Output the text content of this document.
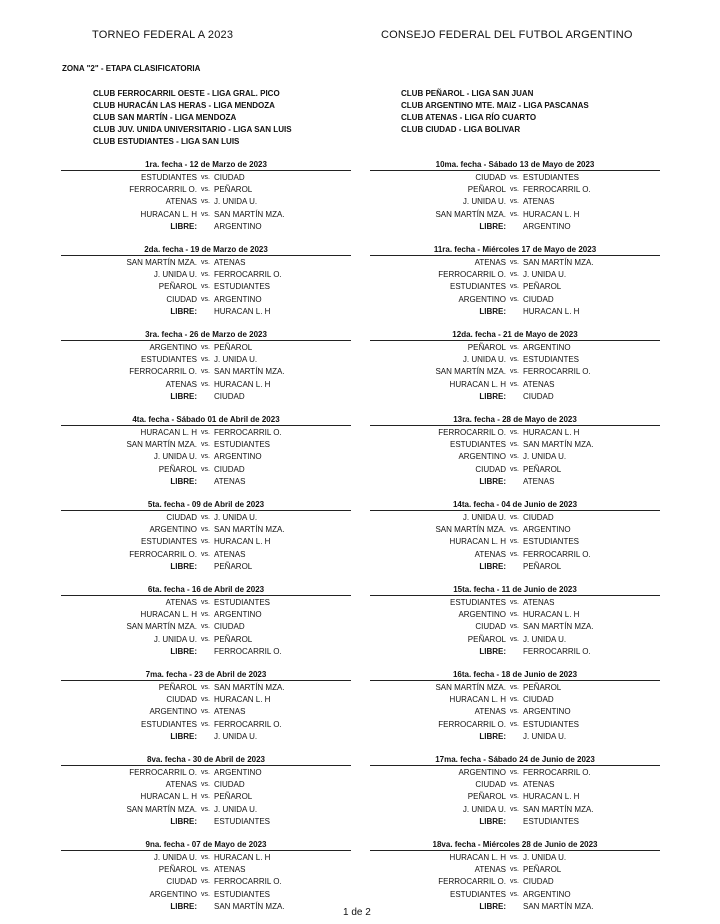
TORNEO FEDERAL A 2023	CONSEJO FEDERAL DEL FUTBOL ARGENTINO
ZONA "2" - ETAPA CLASIFICATORIA
CLUB FERROCARRIL OESTE - LIGA GRAL. PICO
CLUB HURACÁN LAS HERAS - LIGA MENDOZA
CLUB SAN MARTÍN - LIGA MENDOZA
CLUB JUV. UNIDA UNIVERSITARIO - LIGA SAN LUIS
CLUB ESTUDIANTES - LIGA SAN LUIS
CLUB PEÑAROL - LIGA SAN JUAN
CLUB ARGENTINO MTE. MAIZ - LIGA PASCANAS
CLUB ATENAS - LIGA RÍO CUARTO
CLUB CIUDAD - LIGA BOLIVAR
1ra. fecha - 12 de Marzo de 2023
ESTUDIANTES vs. CIUDAD
FERROCARRIL O. vs. PEÑAROL
ATENAS vs. J. UNIDA U.
HURACAN L. H vs. SAN MARTÍN MZA.
LIBRE: ARGENTINO
2da. fecha - 19 de Marzo de 2023
SAN MARTÍN MZA. vs. ATENAS
J. UNIDA U. vs. FERROCARRIL O.
PEÑAROL vs. ESTUDIANTES
CIUDAD vs. ARGENTINO
LIBRE: HURACAN L. H
3ra. fecha - 26 de Marzo de 2023
ARGENTINO vs. PEÑAROL
ESTUDIANTES vs. J. UNIDA U.
FERROCARRIL O. vs. SAN MARTÍN MZA.
ATENAS vs. HURACAN L. H
LIBRE: CIUDAD
4ta. fecha - Sábado 01 de Abril de 2023
HURACAN L. H vs. FERROCARRIL O.
SAN MARTÍN MZA. vs. ESTUDIANTES
J. UNIDA U. vs. ARGENTINO
PEÑAROL vs. CIUDAD
LIBRE: ATENAS
5ta. fecha - 09 de Abril de 2023
CIUDAD vs. J. UNIDA U.
ARGENTINO vs. SAN MARTÍN MZA.
ESTUDIANTES vs. HURACAN L. H
FERROCARRIL O. vs. ATENAS
LIBRE: PEÑAROL
6ta. fecha - 16 de Abril de 2023
ATENAS vs. ESTUDIANTES
HURACAN L. H vs. ARGENTINO
SAN MARTÍN MZA. vs. CIUDAD
J. UNIDA U. vs. PEÑAROL
LIBRE: FERROCARRIL O.
7ma. fecha - 23 de Abril de 2023
PEÑAROL vs. SAN MARTÍN MZA.
CIUDAD vs. HURACAN L. H
ARGENTINO vs. ATENAS
ESTUDIANTES vs. FERROCARRIL O.
LIBRE: J. UNIDA U.
8va. fecha - 30 de Abril de 2023
FERROCARRIL O. vs. ARGENTINO
ATENAS vs. CIUDAD
HURACAN L. H vs. PEÑAROL
SAN MARTÍN MZA. vs. J. UNIDA U.
LIBRE: ESTUDIANTES
9na. fecha - 07 de Mayo de 2023
J. UNIDA U. vs. HURACAN L. H
PEÑAROL vs. ATENAS
CIUDAD vs. FERROCARRIL O.
ARGENTINO vs. ESTUDIANTES
LIBRE: SAN MARTÍN MZA.
10ma. fecha - Sábado 13 de Mayo de 2023
CIUDAD vs. ESTUDIANTES
PEÑAROL vs. FERROCARRIL O.
J. UNIDA U. vs. ATENAS
SAN MARTÍN MZA. vs. HURACAN L. H
LIBRE: ARGENTINO
11ra. fecha - Miércoles 17 de Mayo de 2023
ATENAS vs. SAN MARTÍN MZA.
FERROCARRIL O. vs. J. UNIDA U.
ESTUDIANTES vs. PEÑAROL
ARGENTINO vs. CIUDAD
LIBRE: HURACAN L. H
12da. fecha - 21 de Mayo de 2023
PEÑAROL vs. ARGENTINO
J. UNIDA U. vs. ESTUDIANTES
SAN MARTÍN MZA. vs. FERROCARRIL O.
HURACAN L. H vs. ATENAS
LIBRE: CIUDAD
13ra. fecha - 28 de Mayo de 2023
FERROCARRIL O. vs. HURACAN L. H
ESTUDIANTES vs. SAN MARTÍN MZA.
ARGENTINO vs. J. UNIDA U.
CIUDAD vs. PEÑAROL
LIBRE: ATENAS
14ta. fecha - 04 de Junio de 2023
J. UNIDA U. vs. CIUDAD
SAN MARTÍN MZA. vs. ARGENTINO
HURACAN L. H vs. ESTUDIANTES
ATENAS vs. FERROCARRIL O.
LIBRE: PEÑAROL
15ta. fecha - 11 de Junio de 2023
ESTUDIANTES vs. ATENAS
ARGENTINO vs. HURACAN L. H
CIUDAD vs. SAN MARTÍN MZA.
PEÑAROL vs. J. UNIDA U.
LIBRE: FERROCARRIL O.
16ta. fecha - 18 de Junio de 2023
SAN MARTÍN MZA. vs. PEÑAROL
HURACAN L. H vs. CIUDAD
ATENAS vs. ARGENTINO
FERROCARRIL O. vs. ESTUDIANTES
LIBRE: J. UNIDA U.
17ma. fecha - Sábado 24 de Junio de 2023
ARGENTINO vs. FERROCARRIL O.
CIUDAD vs. ATENAS
PEÑAROL vs. HURACAN L. H
J. UNIDA U. vs. SAN MARTÍN MZA.
LIBRE: ESTUDIANTES
18va. fecha - Miércoles 28 de Junio de 2023
HURACAN L. H vs. J. UNIDA U.
ATENAS vs. PEÑAROL
FERROCARRIL O. vs. CIUDAD
ESTUDIANTES vs. ARGENTINO
LIBRE: SAN MARTÍN MZA.
1 de 2
